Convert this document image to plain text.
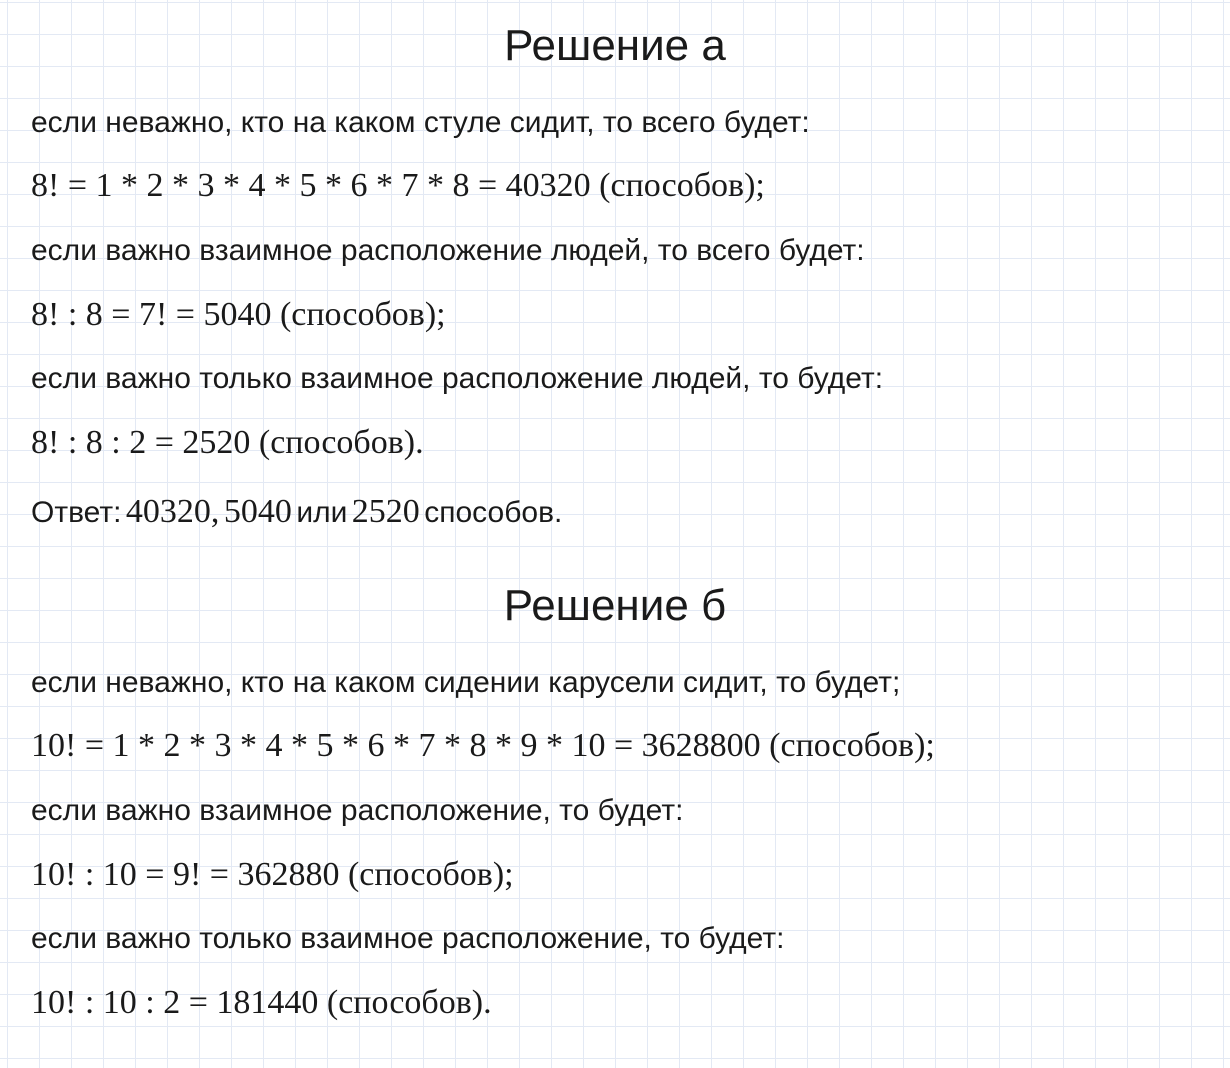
Решение а
если неважно, кто на каком стуле сидит, то всего будет:
8! = 1 * 2 * 3 * 4 * 5 * 6 * 7 * 8 = 40320 (способов);
если важно взаимное расположение людей, то всего будет:
8! : 8 = 7! = 5040 (способов);
если важно только взаимное расположение людей, то будет:
8! : 8 : 2 = 2520 (способов).
Ответ: 40320, 5040 или 2520 способов.
Решение б
если неважно, кто на каком сидении карусели сидит, то будет;
10! = 1 * 2 * 3 * 4 * 5 * 6 * 7 * 8 * 9 * 10 = 3628800 (способов);
если важно взаимное расположение, то будет:
10! : 10 = 9! = 362880 (способов);
если важно только взаимное расположение, то будет:
10! : 10 : 2 = 181440 (способов).
